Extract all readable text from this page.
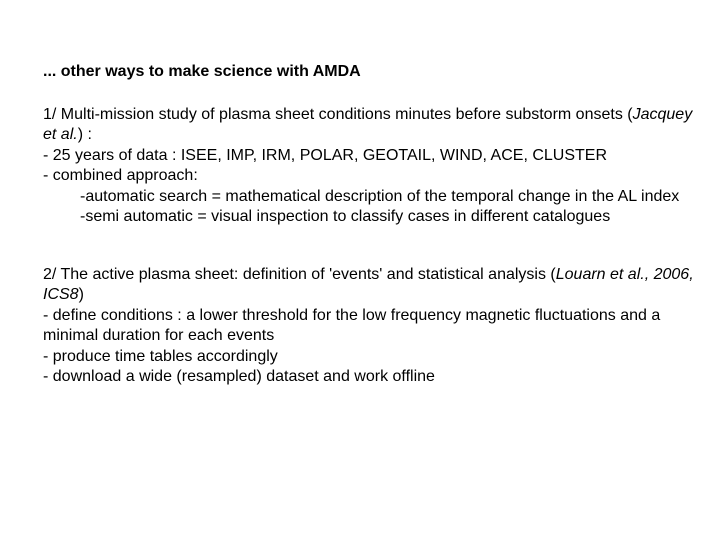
... other ways to make science with AMDA

1/ Multi-mission study of plasma sheet conditions minutes before substorm onsets (Jacquey et al.) :

- 25 years of data : ISEE, IMP, IRM, POLAR, GEOTAIL, WIND, ACE, CLUSTER

- combined approach:

-automatic search = mathematical description of the temporal change in the AL index

-semi automatic = visual inspection to classify cases in different catalogues

2/ The active plasma sheet: definition of 'events' and statistical analysis (Louarn et al., 2006, ICS8)

- define conditions : a lower threshold for the low frequency magnetic fluctuations and a minimal duration for each events

- produce time tables accordingly

- download a wide (resampled) dataset and work offline
